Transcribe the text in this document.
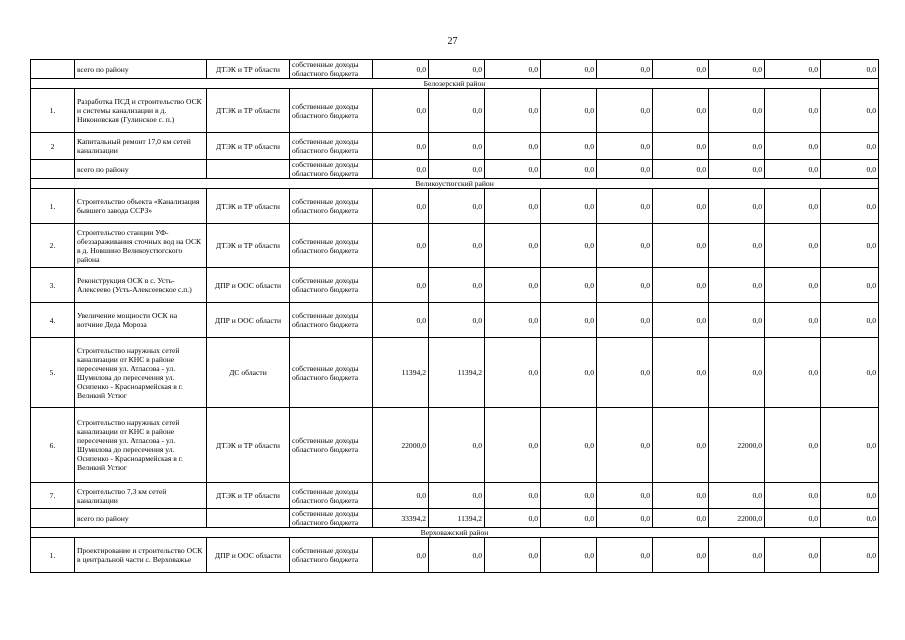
27
	всего по району	ДТЭК и ТР области	собственные доходы областного бюджета	0,0	0,0	0,0	0,0	0,0	0,0	0,0	0,0	0,0
Белозерский район												
1.	Разработка ПСД и строительство ОСК и системы канализации в д. Никоновская (Гулинское с. п.)	ДТЭК и ТР области	собственные доходы областного бюджета	0,0	0,0	0,0	0,0	0,0	0,0	0,0	0,0	0,0
2	Капитальный ремонт 17,0 км сетей канализации	ДТЭК и ТР области	собственные доходы областного бюджета	0,0	0,0	0,0	0,0	0,0	0,0	0,0	0,0	0,0
	всего по району		собственные доходы областного бюджета	0,0	0,0	0,0	0,0	0,0	0,0	0,0	0,0	0,0
Великоустюгский район												
1.	Строительство объекта «Канализация бывшего завода ССРЗ»	ДТЭК и ТР области	собственные доходы областного бюджета	0,0	0,0	0,0	0,0	0,0	0,0	0,0	0,0	0,0
2.	Строительство станции УФ-обеззараживания сточных вод на ОСК в д. Новшино Великоустюгского района	ДТЭК и ТР области	собственные доходы областного бюджета	0,0	0,0	0,0	0,0	0,0	0,0	0,0	0,0	0,0
3.	Реконструкция ОСК в с. Усть-Алексеево (Усть-Алексеевское с.п.)	ДПР и ООС области	собственные доходы областного бюджета	0,0	0,0	0,0	0,0	0,0	0,0	0,0	0,0	0,0
4.	Увеличение мощности ОСК на вотчине Деда Мороза	ДПР и ООС области	собственные доходы областного бюджета	0,0	0,0	0,0	0,0	0,0	0,0	0,0	0,0	0,0
5.	Строительство наружных сетей канализации от КНС в районе пересечения ул. Атласова - ул. Шумилова до пересечения ул. Осипенко - Красноармейская в г. Великий Устюг	ДС области	собственные доходы областного бюджета	11394,2	11394,2	0,0	0,0	0,0	0,0	0,0	0,0	0,0
6.	Строительство наружных сетей канализации от КНС в районе пересечения ул. Атласова - ул. Шумилова до пересечения ул. Осипенко - Красноармейская в г. Великий Устюг	ДТЭК и ТР области	собственные доходы областного бюджета	22000,0	0,0	0,0	0,0	0,0	0,0	22000,0	0,0	0,0
7.	Строительство 7,3 км сетей канализации	ДТЭК и ТР области	собственные доходы областного бюджета	0,0	0,0	0,0	0,0	0,0	0,0	0,0	0,0	0,0
	всего по району		собственные доходы областного бюджета	33394,2	11394,2	0,0	0,0	0,0	0,0	22000,0	0,0	0,0
Верховажский район												
1.	Проектирование и строительство ОСК в центральной части с. Верховажье	ДПР и ООС области	собственные доходы областного бюджета	0,0	0,0	0,0	0,0	0,0	0,0	0,0	0,0	0,0
